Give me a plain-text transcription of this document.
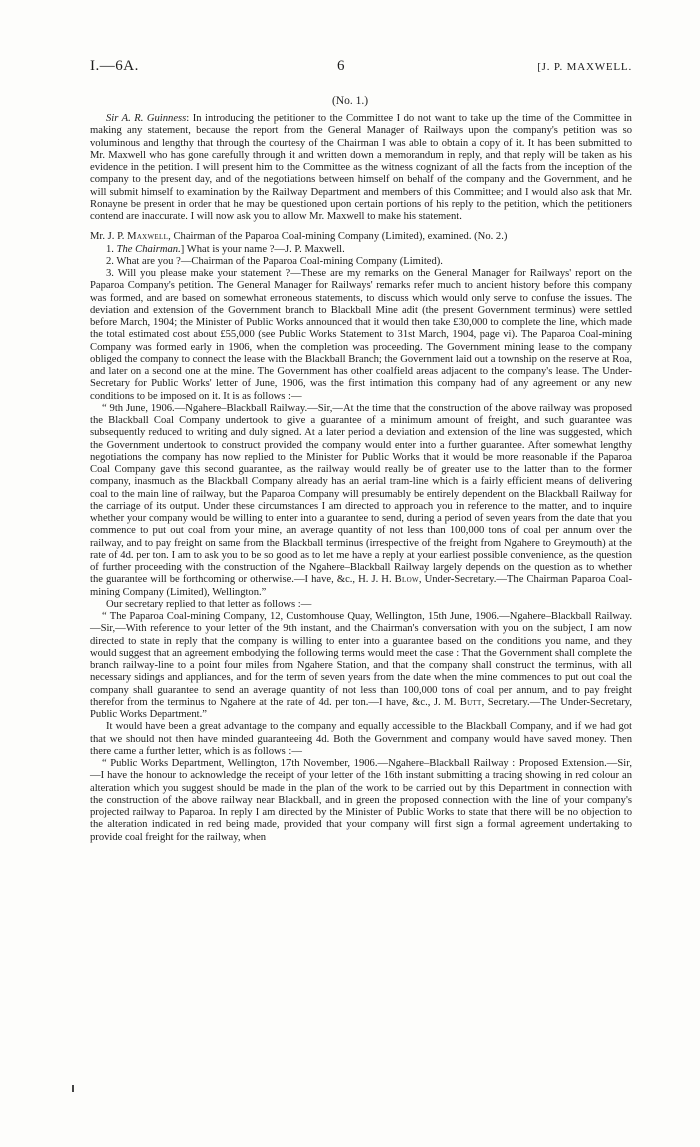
I.—6A.	6	[J. P. MAXWELL.
(No. 1.)

Sir A. R. Guinness: In introducing the petitioner to the Committee I do not want to take up the time of the Committee in making any statement, because the report from the General Manager of Railways upon the company's petition was so voluminous and lengthy that through the courtesy of the Chairman I was able to obtain a copy of it. It has been submitted to Mr. Maxwell who has gone carefully through it and written down a memorandum in reply, and that reply will be taken as his evidence in the petition. I will present him to the Committee as the witness cognizant of all the facts from the inception of the company to the present day, and of the negotiations between himself on behalf of the company and the Government, and he will submit himself to examination by the Railway Department and members of this Committee; and I would also ask that Mr. Ronayne be present in order that he may be questioned upon certain portions of his reply to the petition, which the petitioners contend are inaccurate. I will now ask you to allow Mr. Maxwell to make his statement.

Mr. J. P. Maxwell, Chairman of the Paparoa Coal-mining Company (Limited), examined. (No. 2.)

1. The Chairman.] What is your name ?—J. P. Maxwell.

2. What are you ?—Chairman of the Paparoa Coal-mining Company (Limited).

3. Will you please make your statement ?—These are my remarks on the General Manager for Railways' report on the Paparoa Company's petition. The General Manager for Railways' remarks refer much to ancient history before this company was formed, and are based on somewhat erroneous statements, to discuss which would only serve to confuse the issues. The deviation and extension of the Government branch to Blackball Mine adit (the present Government terminus) were settled before March, 1904; the Minister of Public Works announced that it would then take £30,000 to complete the line, which made the total estimated cost about £55,000 (see Public Works Statement to 31st March, 1904, page vi). The Paparoa Coal-mining Company was formed early in 1906, when the completion was proceeding. The Government mining lease to the company obliged the company to connect the lease with the Blackball Branch; the Government laid out a township on the reserve at Roa, and later on a second one at the mine. The Government has other coalfield areas adjacent to the company's lease. The Under-Secretary for Public Works' letter of June, 1906, was the first intimation this company had of any agreement or any new conditions to be imposed on it. It is as follows :—

“ 9th June, 1906.—Ngahere–Blackball Railway.—Sir,—At the time that the construction of the above railway was proposed the Blackball Coal Company undertook to give a guarantee of a minimum amount of freight, and such guarantee was subsequently reduced to writing and duly signed. At a later period a deviation and extension of the line was suggested, which the Government undertook to construct provided the company would enter into a further guarantee. After somewhat lengthy negotiations the company has now replied to the Minister for Public Works that it would be more reasonable if the Paparoa Coal Company gave this second guarantee, as the railway would really be of greater use to the latter than to the former company, inasmuch as the Blackball Company already has an aerial tram-line which is a fairly efficient means of delivering coal to the main line of railway, but the Paparoa Company will presumably be entirely dependent on the Blackball Railway for the carriage of its output. Under these circumstances I am directed to approach you in reference to the matter, and to inquire whether your company would be willing to enter into a guarantee to send, during a period of seven years from the date that you commence to put out coal from your mine, an average quantity of not less than 100,000 tons of coal per annum over the railway, and to pay freight on same from the Blackball terminus (irrespective of the freight from Ngahere to Greymouth) at the rate of 4d. per ton. I am to ask you to be so good as to let me have a reply at your earliest possible convenience, as the question of further proceeding with the construction of the Ngahere–Blackball Railway largely depends on the question as to whether the guarantee will be forthcoming or otherwise.—I have, &c., H. J. H. Blow, Under-Secretary.—The Chairman Paparoa Coal-mining Company (Limited), Wellington.”

Our secretary replied to that letter as follows :—

“ The Paparoa Coal-mining Company, 12, Customhouse Quay, Wellington, 15th June, 1906.—Ngahere–Blackball Railway.—Sir,—With reference to your letter of the 9th instant, and the Chairman's conversation with you on the subject, I am now directed to state in reply that the company is willing to enter into a guarantee based on the conditions you name, and they would suggest that an agreement embodying the following terms would meet the case : That the Government shall complete the branch railway-line to a point four miles from Ngahere Station, and that the company shall construct the terminus, with all necessary sidings and appliances, and for the term of seven years from the date when the mine commences to put out coal the company shall guarantee to send an average quantity of not less than 100,000 tons of coal per annum, and to pay freight therefor from the terminus to Ngahere at the rate of 4d. per ton.—I have, &c., J. M. Butt, Secretary.—The Under-Secretary, Public Works Department.”

It would have been a great advantage to the company and equally accessible to the Blackball Company, and if we had got that we should not then have minded guaranteeing 4d. Both the Government and company would have saved money. Then there came a further letter, which is as follows :—

“ Public Works Department, Wellington, 17th November, 1906.—Ngahere–Blackball Railway : Proposed Extension.—Sir,—I have the honour to acknowledge the receipt of your letter of the 16th instant submitting a tracing showing in red colour an alteration which you suggest should be made in the plan of the work to be carried out by this Department in connection with the construction of the above railway near Blackball, and in green the proposed connection with the line of your company's projected railway to Paparoa. In reply I am directed by the Minister of Public Works to state that there will be no objection to the alteration indicated in red being made, provided that your company will first sign a formal agreement undertaking to provide coal freight for the railway, when
